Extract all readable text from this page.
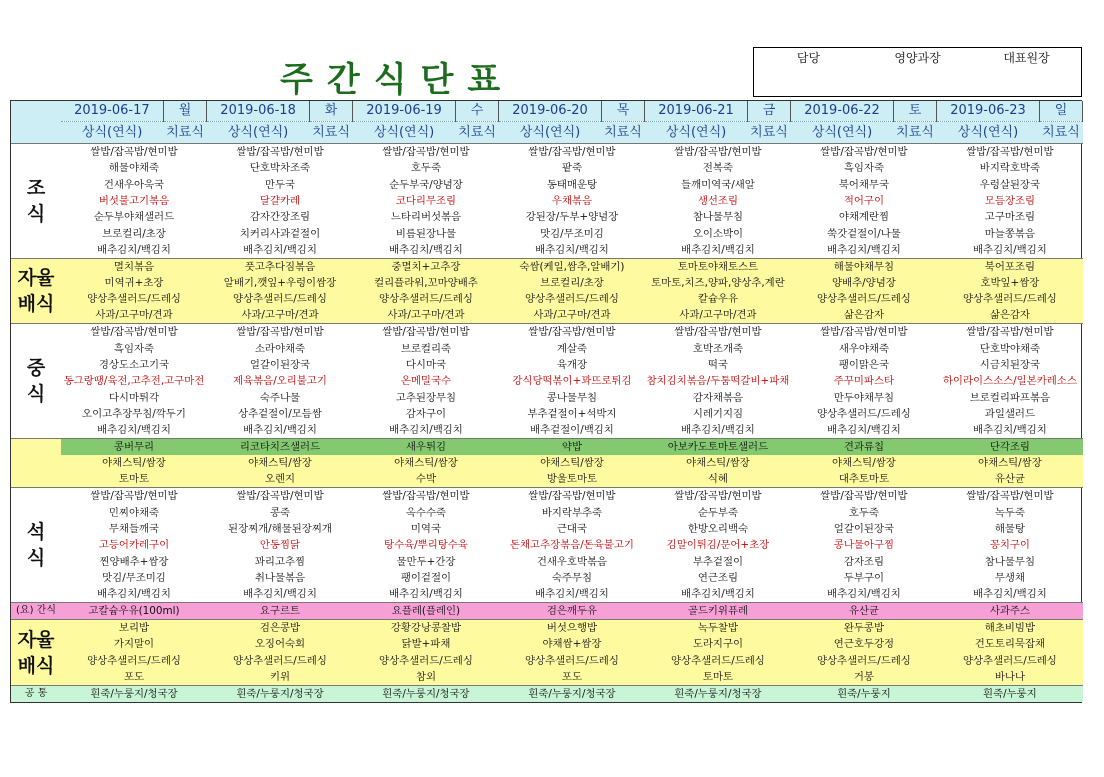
주간식단표
담당	영양과장	대표원장
	2019-06-17	월	2019-06-18	화	2019-06-19	수	2019-06-20	목	2019-06-21	금	2019-06-22	토	2019-06-23	일
	상식(연식)	치료식	상식(연식)	치료식	상식(연식)	치료식	상식(연식)	치료식	상식(연식)	치료식	상식(연식)	치료식	상식(연식)	치료식
조
식	쌀밥/잡곡밥/현미밥		쌀밥/잡곡밥/현미밥		쌀밥/잡곡밥/현미밥		쌀밥/잡곡밥/현미밥		쌀밥/잡곡밥/현미밥		쌀밥/잡곡밥/현미밥		쌀밥/잡곡밥/현미밥	
	해물야채죽		단호박차조죽		호두죽		팥죽		전복죽		흑임자죽		바지락호박죽	
	건새우아욱국		만두국		순두부국/양념장		동태매운탕		들깨미역국/새알		북어채무국		우렁살된장국	
	버섯불고기볶음		달걀카레		코다리무조림		우채볶음		생선조림		적어구이		모듬장조림	
	순두부야채샐러드		감자간장조림		느타리버섯볶음		강된장/두부+양념장		참나물무침		야채계란찜		고구마조림	
	브로컬리/초장		치커리사과겉절이		비름된장나물		맛김/무조미김		오이소박이		쑥갓겉절이/나물		마늘쫑볶음	
	배추김치/백김치		배추김치/백김치		배추김치/백김치		배추김치/백김치		배추김치/백김치		배추김치/백김치		배추김치/백김치	
자율
배식	멸치볶음		풋고추다짐볶음		중멸치+고추장		숙쌈(케일,쌈추,알배기)		토마토야채토스트		해물야채무침		북어포조림	
	미역귀+초장		알배기,깻잎+우렁이쌈장		컬리플라워,꼬마양배추		브로컬리/초장		토마토,치즈,양파,양상추,계란		양배추/양념장		호박잎+쌈장	
	양상추샐러드/드레싱		양상추샐러드/드레싱		양상추샐러드/드레싱		양상추샐러드/드레싱		칼슘우유		양상추샐러드/드레싱		양상추샐러드/드레싱	
	사과/고구마/견과		사과/고구마/견과		사과/고구마/견과		사과/고구마/견과		사과/고구마/견과		삶은감자		삶은감자	
중
식	쌀밥/잡곡밥/현미밥		쌀밥/잡곡밥/현미밥		쌀밥/잡곡밥/현미밥		쌀밥/잡곡밥/현미밥		쌀밥/잡곡밥/현미밥		쌀밥/잡곡밥/현미밥		쌀밥/잡곡밥/현미밥	
	흑임자죽		소라야채죽		브로컬리죽		계살죽		호박조개죽		새우야채죽		단호박야채죽	
	경상도소고기국		얼갈이된장국		다시마국		육개장		떡국		팽이맑은국		시금치된장국	
	동그랑땡/육전,고추전,고구마전		제육볶음/오리불고기		온메밀국수		강식당떡볶이+꽈뜨로튀김		참치김치볶음/두툼떡갈비+파채		주꾸미파스타		하이라이스소스/일본카레소스	
	다시마튀각		숙주나물		고추된장무침		콩나물무침		감자채볶음		만두야채무침		브로컬리파프볶음	
	오이고추장무침/깍두기		상추겉절이/모듬쌈		감자구이		부추겉절이+석박지		시레기지짐		양상추샐러드/드레싱		과일샐러드	
	배추김치/백김치		배추김치/백김치		배추김치/백김치		배추겉절이/백김치		배추김치/백김치		배추김치/백김치		배추김치/백김치	
	콩버무리		리코타치즈샐러드		새우튀김		약밥		아보카도토마토샐러드		견과류칩		단각조림	
	야채스틱/쌈장		야채스틱/쌈장		야채스틱/쌈장		야채스틱/쌈장		야채스틱/쌈장		야채스틱/쌈장		야채스틱/쌈장	
	토마토		오렌지		수박		방울토마토		식혜		대추토마토		유산균	
석
식	쌀밥/잡곡밥/현미밥		쌀밥/잡곡밥/현미밥		쌀밥/잡곡밥/현미밥		쌀밥/잡곡밥/현미밥		쌀밥/잡곡밥/현미밥		쌀밥/잡곡밥/현미밥		쌀밥/잡곡밥/현미밥	
	민찌야채죽		콩죽		옥수수죽		바지락부추죽		순두부죽		호두죽		녹두죽	
	무채들깨국		된장찌개/해물된장찌개		미역국		근대국		한방오리백숙		얼갈이된장국		해물탕	
	고등어카레구이		안동찜닭		탕수육/뿌리탕수육		돈채고추장볶음/돈육불고기		김말이튀김/문어+초장		콩나물아구찜		꽁치구이	
	찐양배추+쌈장		꽈리고추찜		물만두+간장		건새우호박볶음		부추겉절이		감자조림		참나물무침	
	맛김/무조미김		취나물볶음		팽이겉절이		숙주무침		연근조림		두부구이		무생채	
	배추김치/백김치		배추김치/백김치		배추김치/백김치		배추김치/백김치		배추김치/백김치		배추김치/백김치		배추김치/백김치	
(요) 간식	고칼슘우유(100ml)		요구르트		요플레(플레인)		검은깨두유		골드키위퓨레		유산균		사과주스	
자율
배식	보리밥		검은콩밥		강황강낭콩찰밥		버섯으행밥		녹두찰밥		완두콩밥		해초비빔밥	
	가지말이		오징어숙회		닭발+파채		야채쌈+쌈장		도라지구이		연근호두강정		건도토리묵잡채	
	양상추샐러드/드레싱		양상추샐러드/드레싱		양상추샐러드/드레싱		양상추샐러드/드레싱		양상추샐러드/드레싱		양상추샐러드/드레싱		양상추샐러드/드레싱	
	포도		키위		참외		포도		토마토		거봉		바나나	
공 통	흰죽/누룽지/청국장		흰죽/누룽지/청국장		흰죽/누룽지/청국장		흰죽/누룽지/청국장		흰죽/누룽지/청국장		흰죽/누룽지		흰죽/누룽지	
